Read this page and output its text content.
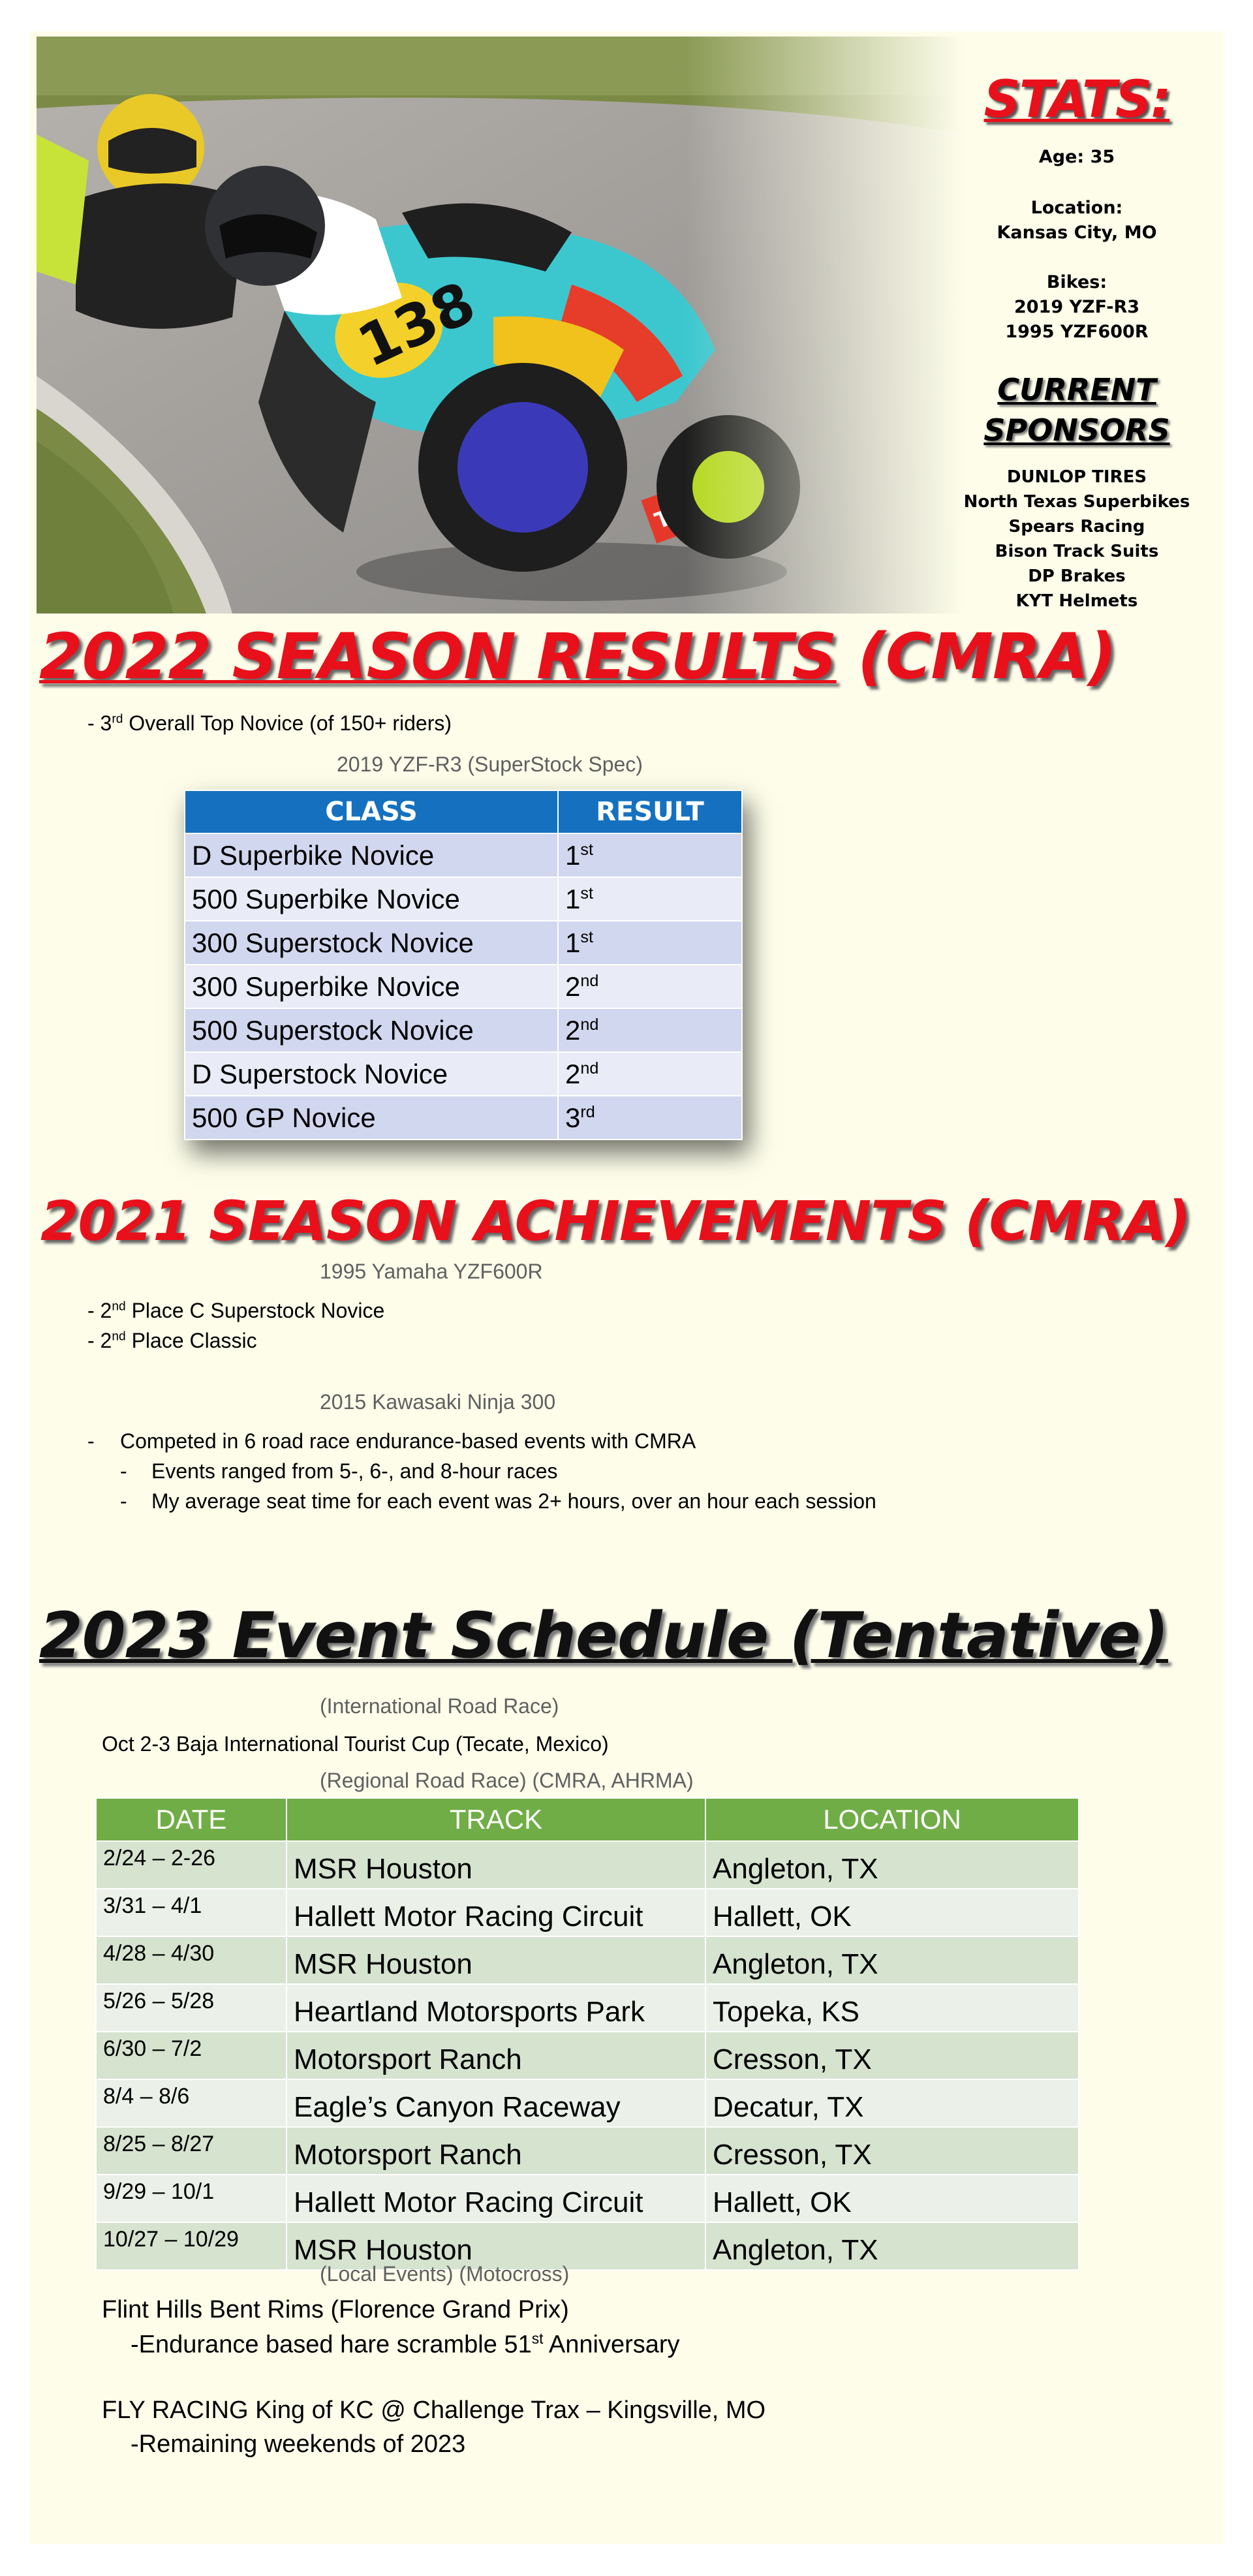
STATS:
Age: 35
Location:
Kansas City, MO
Bikes:
2019 YZF-R3
1995 YZF600R
CURRENT
SPONSORS
DUNLOP TIRES
North Texas Superbikes
Spears Racing
Bison Track Suits
DP Brakes
KYT Helmets
2022 SEASON RESULTS (CMRA)
- 3rd Overall Top Novice (of 150+ riders)
2019 YZF-R3 (SuperStock Spec)
CLASS	RESULT
D Superbike Novice	1st
500 Superbike Novice	1st
300 Superstock Novice	1st
300 Superbike Novice	2nd
500 Superstock Novice	2nd
D Superstock Novice	2nd
500 GP Novice	3rd
2021 SEASON ACHIEVEMENTS (CMRA)
1995 Yamaha YZF600R
- 2nd Place C Superstock Novice
- 2nd Place Classic
2015 Kawasaki Ninja 300
- Competed in 6 road race endurance-based events with CMRA
- Events ranged from 5-, 6-, and 8-hour races
- My average seat time for each event was 2+ hours, over an hour each session
2023 Event Schedule (Tentative)
(International Road Race)
Oct 2-3 Baja International Tourist Cup (Tecate, Mexico)
(Regional Road Race) (CMRA, AHRMA)
DATE	TRACK	LOCATION
2/24 – 2-26	MSR Houston	Angleton, TX
3/31 – 4/1	Hallett Motor Racing Circuit	Hallett, OK
4/28 – 4/30	MSR Houston	Angleton, TX
5/26 – 5/28	Heartland Motorsports Park	Topeka, KS
6/30 – 7/2	Motorsport Ranch	Cresson, TX
8/4 – 8/6	Eagle’s Canyon Raceway	Decatur, TX
8/25 – 8/27	Motorsport Ranch	Cresson, TX
9/29 – 10/1	Hallett Motor Racing Circuit	Hallett, OK
10/27 – 10/29	MSR Houston	Angleton, TX
(Local Events) (Motocross)
Flint Hills Bent Rims (Florence Grand Prix)
-Endurance based hare scramble 51st Anniversary
FLY RACING King of KC @ Challenge Trax – Kingsville, MO
-Remaining weekends of 2023
